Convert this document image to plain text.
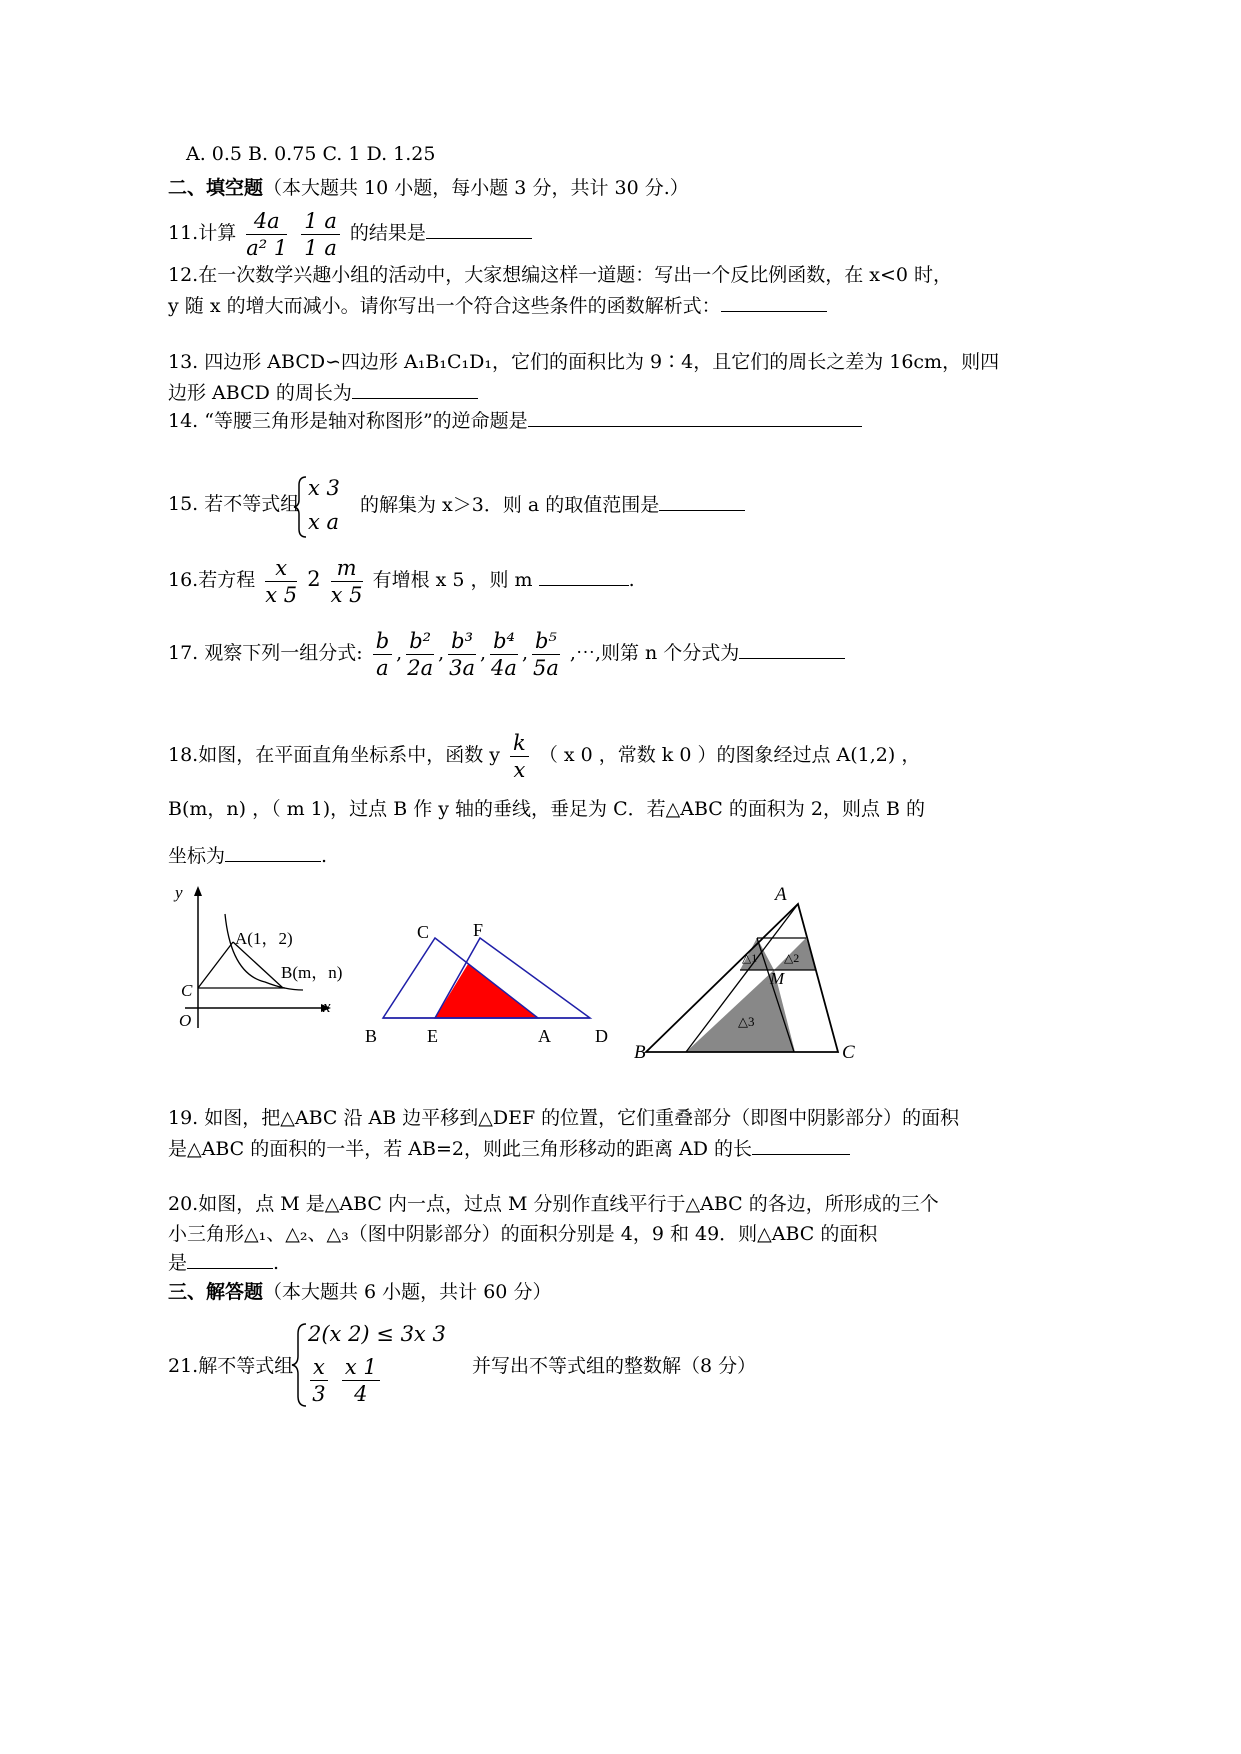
A. 0.5 B. 0.75 C. 1 D. 1.25
二、填空题（本大题共 10 小题，每小题 3 分，共计 30 分.）
11.计算 $\frac{4a}{\text{a² 1}}$
$\frac{1 a}{1 a}$ 的结果是
12.在一次数学兴趣小组的活动中，大家想编这样一道题：写出一个反比例函数，在 x<0 时，
y 随 x 的增大而减小。请你写出一个符合这些条件的函数解析式：
13. 四边形 ABCD∽四边形 A₁B₁C₁D₁，它们的面积比为 9∶4，且它们的周长之差为 16cm，则四
边形 ABCD 的周长为
14. “等腰三角形是轴对称图形”的逆命题是
15. 若不等式组
x 3
x a
的解集为 x＞3．则 a 的取值范围是
16.若方程 $\frac{x}{x 5} 2 \frac{m}{x 5}$ 有增根 x 5 ，则 m	.
17. 观察下列一组分式: $\frac{b}{a}$ , $\frac{\text{b²}}{2a}$ , $\frac{\text{b³}}{3a}$ , $\frac{\text{b⁴}}{4a}$ , $\frac{\text{b⁵}}{5a}$ ,⋯,则第 n 个分式为
18.如图，在平面直角坐标系中，函数 y $\frac{k}{x}$ （ x 0 ，常数 k 0 ）的图象经过点 A(1,2) ，
B(m，n) ，（ m 1)，过点 B 作 y 轴的垂线，垂足为 C．若△ABC 的面积为 2，则点 B 的
坐标为	.
y
x
A(1，2)
B(m，n)
C
O
C F
B	E	A D
A
M
B	C
△1 △2
△3
19. 如图，把△ABC 沿 AB 边平移到△DEF 的位置，它们重叠部分（即图中阴影部分）的面积
是△ABC 的面积的一半，若 AB=2，则此三角形移动的距离 AD 的长
20.如图，点 M 是△ABC 内一点，过点 M 分别作直线平行于△ABC 的各边，所形成的三个
小三角形△₁、△₂、△₃（图中阴影部分）的面积分别是 4，9 和 49．则△ABC 的面积
是	.
三、解答题（本大题共 6 小题，共计 60 分）
21.解不等式组
2(x 2) ≤ 3x 3
$\frac{x}{3}$
$\frac{x 1}{4}$	并写出不等式组的整数解（8 分）
